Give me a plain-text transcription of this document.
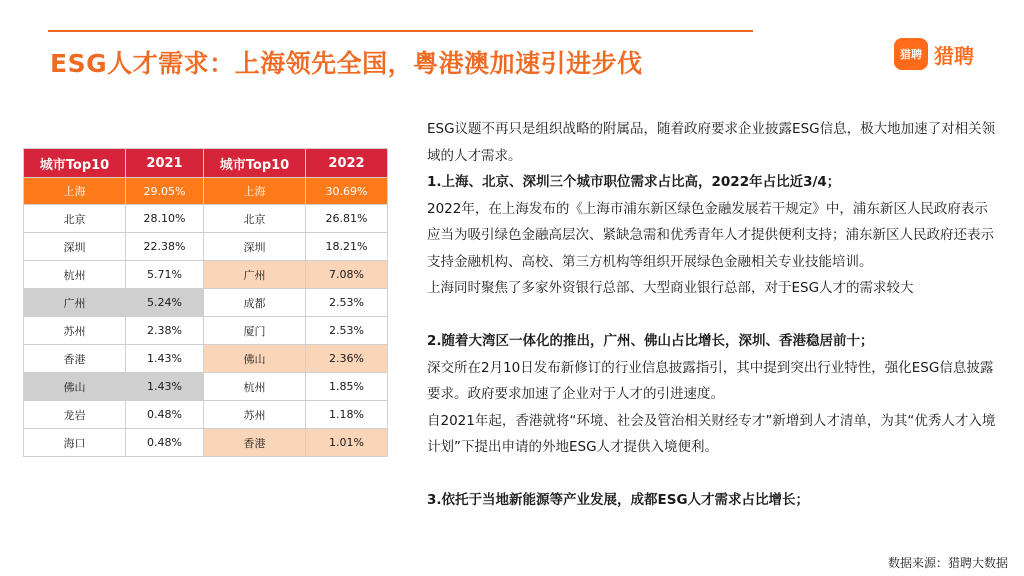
ESG人才需求：上海领先全国，粤港澳加速引进步伐	猎聘 猎聘
城市Top10	2021	城市Top10	2022
上海	29.05%	上海	30.69%
北京	28.10%	北京	26.81%
深圳	22.38%	深圳	18.21%
杭州	5.71%	广州	7.08%
广州	5.24%	成都	2.53%
苏州	2.38%	厦门	2.53%
香港	1.43%	佛山	2.36%
佛山	1.43%	杭州	1.85%
龙岩	0.48%	苏州	1.18%
海口	0.48%	香港	1.01%

ESG议题不再只是组织战略的附属品，随着政府要求企业披露ESG信息，极大地加速了对相关领域的人才需求。

1.上海、北京、深圳三个城市职位需求占比高，2022年占比近3/4；

2022年，在上海发布的《上海市浦东新区绿色金融发展若干规定》中，浦东新区人民政府表示应当为吸引绿色金融高层次、紧缺急需和优秀青年人才提供便利支持；浦东新区人民政府还表示支持金融机构、高校、第三方机构等组织开展绿色金融相关专业技能培训。

上海同时聚焦了多家外资银行总部、大型商业银行总部，对于ESG人才的需求较大

2.随着大湾区一体化的推出，广州、佛山占比增长，深圳、香港稳居前十；

深交所在2月10日发布新修订的行业信息披露指引，其中提到突出行业特性，强化ESG信息披露要求。政府要求加速了企业对于人才的引进速度。

自2021年起，香港就将“环境、社会及管治相关财经专才”新增到人才清单，为其“优秀人才入境计划”下提出申请的外地ESG人才提供入境便利。

3.依托于当地新能源等产业发展，成都ESG人才需求占比增长；

数据来源：猎聘大数据
